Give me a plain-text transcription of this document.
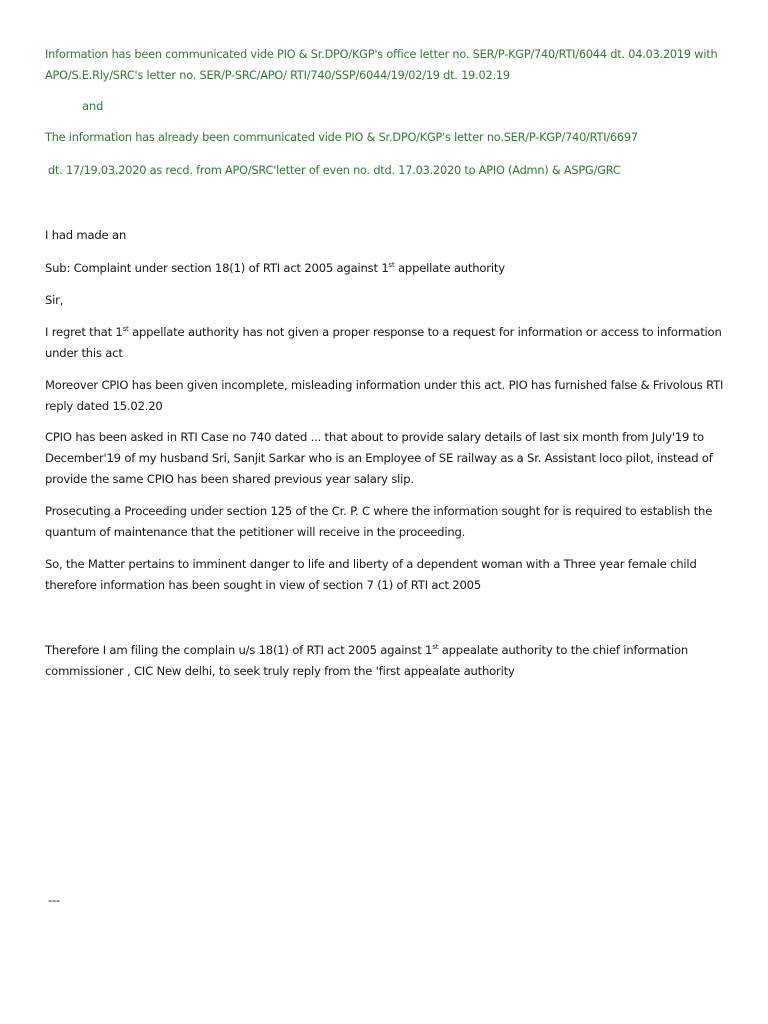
Information has been communicated vide PIO & Sr.DPO/KGP's office letter no. SER/P-KGP/740/RTI/6044 dt. 04.03.2019 with APO/S.E.Rly/SRC's letter no. SER/P-SRC/APO/ RTI/740/SSP/6044/19/02/19 dt. 19.02.19

and

The information has already been communicated vide PIO & Sr.DPO/KGP's letter no.SER/P-KGP/740/RTI/6697

dt. 17/19.03.2020 as recd. from APO/SRC'letter of even no. dtd. 17.03.2020 to APIO (Admn) & ASPG/GRC

I had made an

Sub: Complaint under section 18(1) of RTI act 2005 against 1st appellate authority

Sir,

I regret that 1st appellate authority has not given a proper response to a request for information or access to information under this act

Moreover CPIO has been given incomplete, misleading information under this act. PIO has furnished false & Frivolous RTI reply dated 15.02.20

CPIO has been asked in RTI Case no 740 dated ... that about to provide salary details of last six month from July'19 to December'19 of my husband Sri, Sanjit Sarkar who is an Employee of SE railway as a Sr. Assistant loco pilot, instead of provide the same CPIO has been shared previous year salary slip.

Prosecuting a Proceeding under section 125 of the Cr. P. C where the information sought for is required to establish the quantum of maintenance that the petitioner will receive in the proceeding.

So, the Matter pertains to imminent danger to life and liberty of a dependent woman with a Three year female child therefore information has been sought in view of section 7 (1) of RTI act 2005

Therefore I am filing the complain u/s 18(1) of RTI act 2005 against 1st appealate authority to the chief information commissioner , CIC New delhi, to seek truly reply from the 'first appealate authority

---
